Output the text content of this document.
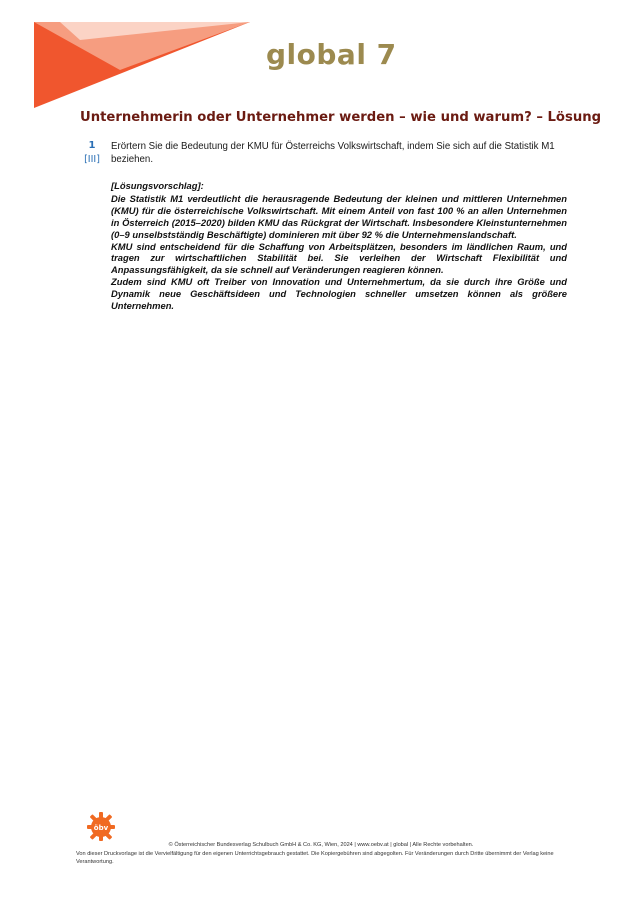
global 7
Unternehmerin oder Unternehmer werden – wie und warum? – Lösung
1
[III]
Erörtern Sie die Bedeutung der KMU für Österreichs Volkswirtschaft, indem Sie sich auf die Statistik M1 beziehen.

[Lösungsvorschlag]:

Die Statistik M1 verdeutlicht die herausragende Bedeutung der kleinen und mittleren Unternehmen (KMU) für die österreichische Volkswirtschaft. Mit einem Anteil von fast 100 % an allen Unternehmen in Österreich (2015–2020) bilden KMU das Rückgrat der Wirtschaft. Insbesondere Kleinstunternehmen (0–9 unselbstständig Beschäftigte) dominieren mit über 92 % die Unternehmenslandschaft.

KMU sind entscheidend für die Schaffung von Arbeitsplätzen, besonders im ländlichen Raum, und tragen zur wirtschaftlichen Stabilität bei. Sie verleihen der Wirtschaft Flexibilität und Anpassungsfähigkeit, da sie schnell auf Veränderungen reagieren können.

Zudem sind KMU oft Treiber von Innovation und Unternehmertum, da sie durch ihre Größe und Dynamik neue Geschäftsideen und Technologien schneller umsetzen können als größere Unternehmen.

öbv
© Österreichischer Bundesverlag Schulbuch GmbH & Co. KG, Wien, 2024 | www.oebv.at | global | Alle Rechte vorbehalten.
Von dieser Druckvorlage ist die Vervielfältigung für den eigenen Unterrichtsgebrauch gestattet. Die Kopiergebühren sind abgegolten. Für Veränderungen durch Dritte übernimmt der Verlag keine Verantwortung.
